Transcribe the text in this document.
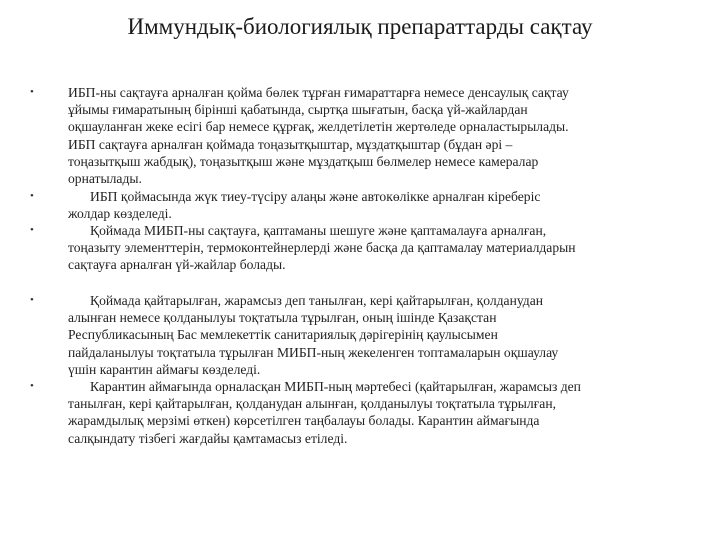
Иммундық-биологиялық препараттарды сақтау
•	ИБП-ны сақтауға арналған қойма бөлек тұрған ғимараттарға немесе денсаулық сақтау
ұйымы ғимаратының бірінші қабатында, сыртқа шығатын, басқа үй-жайлардан
оқшауланған жеке есігі бар немесе құрғақ, желдетілетін жертөледе орналастырылады.
ИБП сақтауға арналған қоймада тоңазытқыштар, мұздатқыштар (бұдан әрі –
тоңазытқыш жабдық), тоңазытқыш және мұздатқыш бөлмелер немесе камералар
орнатылады.
•	ИБП қоймасында жүк тиеу-түсіру алаңы және автокөлікке арналған кіреберіс
жолдар көзделеді.
•	Қоймада МИБП-ны сақтауға, қаптаманы шешуге және қаптамалауға арналған,
тоңазыту элементтерін, термоконтейнерлерді және басқа да қаптамалау материалдарын
сақтауға арналған үй-жайлар болады.
•	Қоймада қайтарылған, жарамсыз деп танылған, кері қайтарылған, қолданудан
алынған немесе қолданылуы тоқтатыла тұрылған, оның ішінде Қазақстан
Республикасының Бас мемлекеттік санитариялық дәрігерінің қаулысымен
пайдаланылуы тоқтатыла тұрылған МИБП-ның жекеленген топтамаларын оқшаулау
үшін карантин аймағы көзделеді.
•	Карантин аймағында орналасқан МИБП-ның мәртебесі (қайтарылған, жарамсыз деп
танылған, кері қайтарылған, қолданудан алынған, қолданылуы тоқтатыла тұрылған,
жарамдылық мерзімі өткен) көрсетілген таңбалауы болады. Карантин аймағында
салқындату тізбегі жағдайы қамтамасыз етіледі.
